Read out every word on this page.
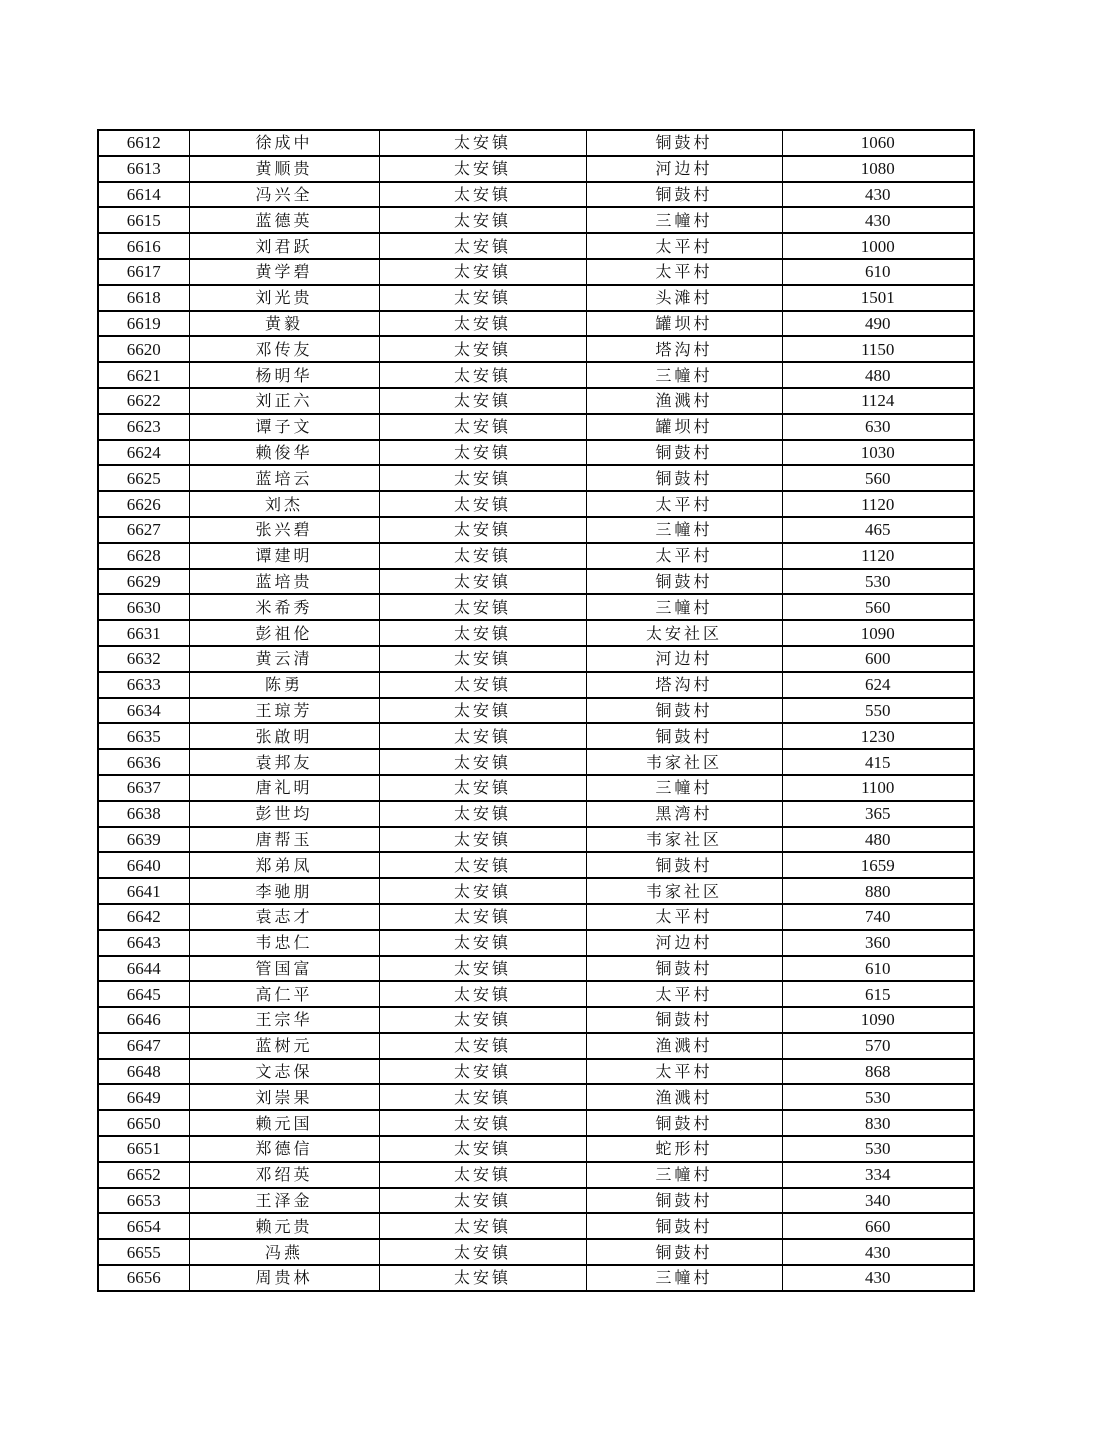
6612	徐成中	太安镇	铜鼓村	1060
6613	黄顺贵	太安镇	河边村	1080
6614	冯兴全	太安镇	铜鼓村	430
6615	蓝德英	太安镇	三幢村	430
6616	刘君跃	太安镇	太平村	1000
6617	黄学碧	太安镇	太平村	610
6618	刘光贵	太安镇	头滩村	1501
6619	黄毅	太安镇	罐坝村	490
6620	邓传友	太安镇	塔沟村	1150
6621	杨明华	太安镇	三幢村	480
6622	刘正六	太安镇	渔溅村	1124
6623	谭子文	太安镇	罐坝村	630
6624	赖俊华	太安镇	铜鼓村	1030
6625	蓝培云	太安镇	铜鼓村	560
6626	刘杰	太安镇	太平村	1120
6627	张兴碧	太安镇	三幢村	465
6628	谭建明	太安镇	太平村	1120
6629	蓝培贵	太安镇	铜鼓村	530
6630	米希秀	太安镇	三幢村	560
6631	彭祖伦	太安镇	太安社区	1090
6632	黄云清	太安镇	河边村	600
6633	陈勇	太安镇	塔沟村	624
6634	王琼芳	太安镇	铜鼓村	550
6635	张啟明	太安镇	铜鼓村	1230
6636	袁邦友	太安镇	韦家社区	415
6637	唐礼明	太安镇	三幢村	1100
6638	彭世均	太安镇	黑湾村	365
6639	唐帮玉	太安镇	韦家社区	480
6640	郑弟凤	太安镇	铜鼓村	1659
6641	李驰朋	太安镇	韦家社区	880
6642	袁志才	太安镇	太平村	740
6643	韦忠仁	太安镇	河边村	360
6644	管国富	太安镇	铜鼓村	610
6645	高仁平	太安镇	太平村	615
6646	王宗华	太安镇	铜鼓村	1090
6647	蓝树元	太安镇	渔溅村	570
6648	文志保	太安镇	太平村	868
6649	刘崇果	太安镇	渔溅村	530
6650	赖元国	太安镇	铜鼓村	830
6651	郑德信	太安镇	蛇形村	530
6652	邓绍英	太安镇	三幢村	334
6653	王泽金	太安镇	铜鼓村	340
6654	赖元贵	太安镇	铜鼓村	660
6655	冯燕	太安镇	铜鼓村	430
6656	周贵林	太安镇	三幢村	430
